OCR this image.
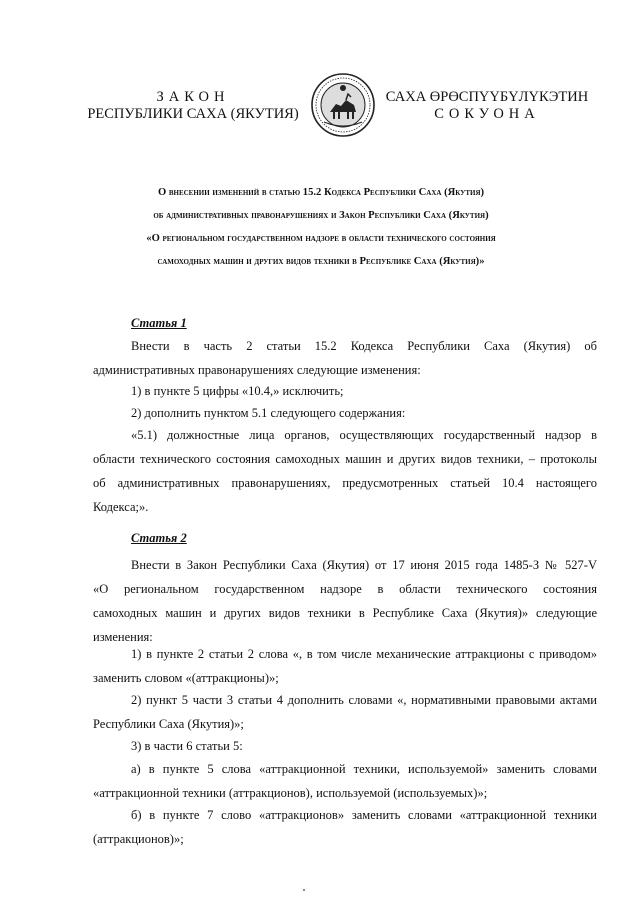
ЗАКОН
РЕСПУБЛИКИ САХА (ЯКУТИЯ)
САХА ӨРӨСПҮҮБҮЛҮКЭТИН
СОКУОНА
О внесении изменений в статью 15.2 Кодекса Республики Саха (Якутия)
об административных правонарушениях и Закон Республики Саха (Якутия)
«О региональном государственном надзоре в области технического состояния
самоходных машин и других видов техники в Республике Саха (Якутия)»
Статья 1
Внести в часть 2 статьи 15.2 Кодекса Республики Саха (Якутия) об
административных правонарушениях следующие изменения:
1) в пункте 5 цифры «10.4,» исключить;
2) дополнить пунктом 5.1 следующего содержания:
«5.1) должностные лица органов, осуществляющих государственный надзор в
области технического состояния самоходных машин и других видов техники, – протоколы
об административных правонарушениях, предусмотренных статьей 10.4 настоящего
Кодекса;».
Статья 2
Внести в Закон Республики Саха (Якутия) от 17 июня 2015 года 1485-З № 527-V
«О региональном государственном надзоре в области технического состояния
самоходных машин и других видов техники в Республике Саха (Якутия)» следующие
изменения:
1) в пункте 2 статьи 2 слова «, в том числе механические аттракционы с приводом»
заменить словом «(аттракционы)»;
2) пункт 5 части 3 статьи 4 дополнить словами «, нормативными правовыми актами
Республики Саха (Якутия)»;
3) в части 6 статьи 5:
а) в пункте 5 слова «аттракционной техники, используемой» заменить словами
«аттракционной техники (аттракционов), используемой (используемых)»;
б) в пункте 7 слово «аттракционов» заменить словами «аттракционной техники
(аттракционов)»;
